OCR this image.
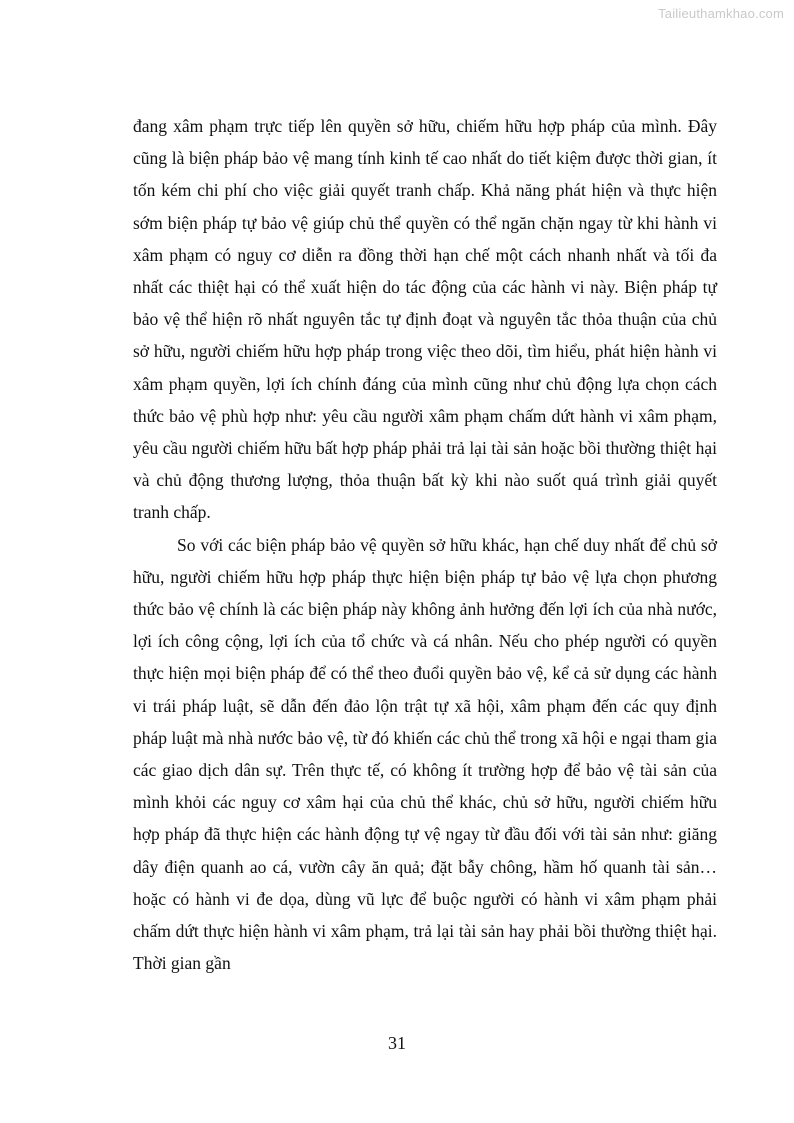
Tailieuthamkhao.com

đang xâm phạm trực tiếp lên quyền sở hữu, chiếm hữu hợp pháp của mình. Đây cũng là biện pháp bảo vệ mang tính kinh tế cao nhất do tiết kiệm được thời gian, ít tốn kém chi phí cho việc giải quyết tranh chấp. Khả năng phát hiện và thực hiện sớm biện pháp tự bảo vệ giúp chủ thể quyền có thể ngăn chặn ngay từ khi hành vi xâm phạm có nguy cơ diễn ra đồng thời hạn chế một cách nhanh nhất và tối đa nhất các thiệt hại có thể xuất hiện do tác động của các hành vi này. Biện pháp tự bảo vệ thể hiện rõ nhất nguyên tắc tự định đoạt và nguyên tắc thỏa thuận của chủ sở hữu, người chiếm hữu hợp pháp trong việc theo dõi, tìm hiểu, phát hiện hành vi xâm phạm quyền, lợi ích chính đáng của mình cũng như chủ động lựa chọn cách thức bảo vệ phù hợp như: yêu cầu người xâm phạm chấm dứt hành vi xâm phạm, yêu cầu người chiếm hữu bất hợp pháp phải trả lại tài sản hoặc bồi thường thiệt hại và chủ động thương lượng, thỏa thuận bất kỳ khi nào suốt quá trình giải quyết tranh chấp.

So với các biện pháp bảo vệ quyền sở hữu khác, hạn chế duy nhất để chủ sở hữu, người chiếm hữu hợp pháp thực hiện biện pháp tự bảo vệ lựa chọn phương thức bảo vệ chính là các biện pháp này không ảnh hưởng đến lợi ích của nhà nước, lợi ích công cộng, lợi ích của tổ chức và cá nhân. Nếu cho phép người có quyền thực hiện mọi biện pháp để có thể theo đuổi quyền bảo vệ, kể cả sử dụng các hành vi trái pháp luật, sẽ dẫn đến đảo lộn trật tự xã hội, xâm phạm đến các quy định pháp luật mà nhà nước bảo vệ, từ đó khiến các chủ thể trong xã hội e ngại tham gia các giao dịch dân sự. Trên thực tế, có không ít trường hợp để bảo vệ tài sản của mình khỏi các nguy cơ xâm hại của chủ thể khác, chủ sở hữu, người chiếm hữu hợp pháp đã thực hiện các hành động tự vệ ngay từ đầu đối với tài sản như: giăng dây điện quanh ao cá, vườn cây ăn quả; đặt bẫy chông, hầm hố quanh tài sản… hoặc có hành vi đe dọa, dùng vũ lực để buộc người có hành vi xâm phạm phải chấm dứt thực hiện hành vi xâm phạm, trả lại tài sản hay phải bồi thường thiệt hại. Thời gian gần

31
